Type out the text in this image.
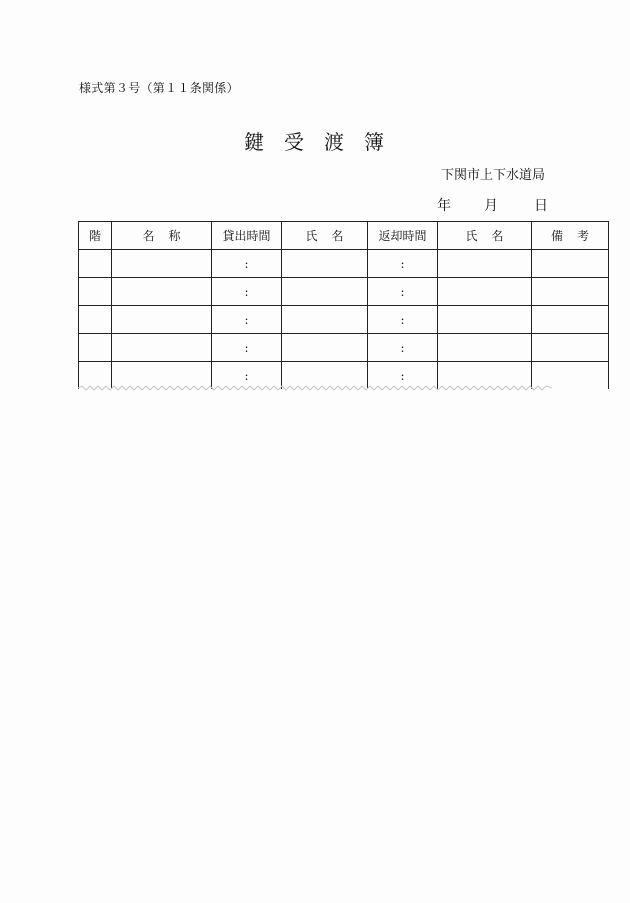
様式第３号（第１１条関係）
鍵受渡簿
下関市上下水道局
年 月	日
階	名称	貸出時間	氏名	返却時間	氏名	備考
		:		:		
		:		:		
		:		:		
		:		:		
		:		:		
